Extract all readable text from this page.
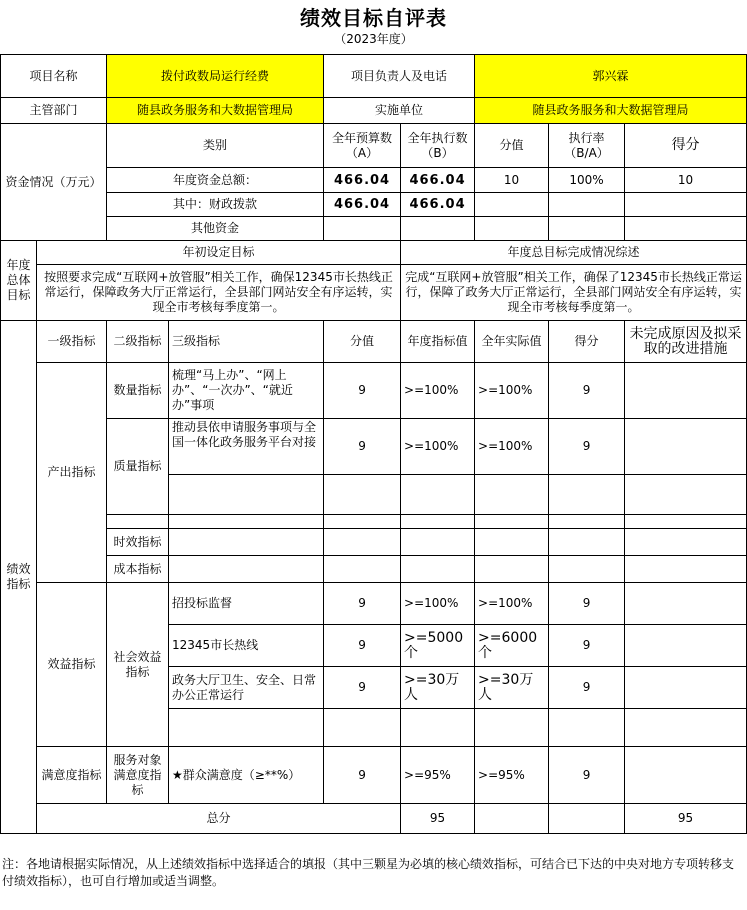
绩效目标自评表
（2023年度）
项目名称		拨付政数局运行经费		项目负责人及电话		郭兴霖			
主管部门		随县政务服务和大数据管理局		实施单位		随县政务服务和大数据管理局			
资金情况（万元）		类别		全年预算数（A）	全年执行数（B）	分值	执行率（B/A）	得分	
		年度资金总额：		466.04	466.04	10	100%	10	
		其中：财政拨款		466.04	466.04				
		其他资金							
年度总体目标	年初设定目标				年度总目标完成情况综述				
	按照要求完成“互联网+放管服”相关工作，确保12345市长热线正常运行，保障政务大厅正常运行，全县部门网站安全有序运转，实现全市考核每季度第一。				完成“互联网+放管服”相关工作，确保了12345市长热线正常运行，保障了政务大厅正常运行，全县部门网站安全有序运转，实现全市考核每季度第一。				
绩效指标	一级指标	二级指标	三级指标	分值	年度指标值	全年实际值	得分	未完成原因及拟采取的改进措施	
	产出指标	数量指标	梳理“马上办”、“网上办”、“一次办”、“就近办”事项	9	>=100%	>=100%	9		
		质量指标	推动县依申请服务事项与全国一体化政务服务平台对接	9	>=100%	>=100%	9		

		时效指标							
		成本指标							
	效益指标	社会效益指标	招投标监督	9	>=100%	>=100%	9		
			12345市长热线	9	>=5000个	>=6000个	9		
			政务大厅卫生、安全、日常办公正常运行	9	>=30万人	>=30万人	9		

	满意度指标	服务对象满意度指标	★群众满意度（≥**%）	9	>=95%	>=95%	9		
	总分				95			95	
注：各地请根据实际情况，从上述绩效指标中选择适合的填报（其中三颗星为必填的核心绩效指标，可结合已下达的中央对地方专项转移支付绩效指标），也可自行增加或适当调整。
